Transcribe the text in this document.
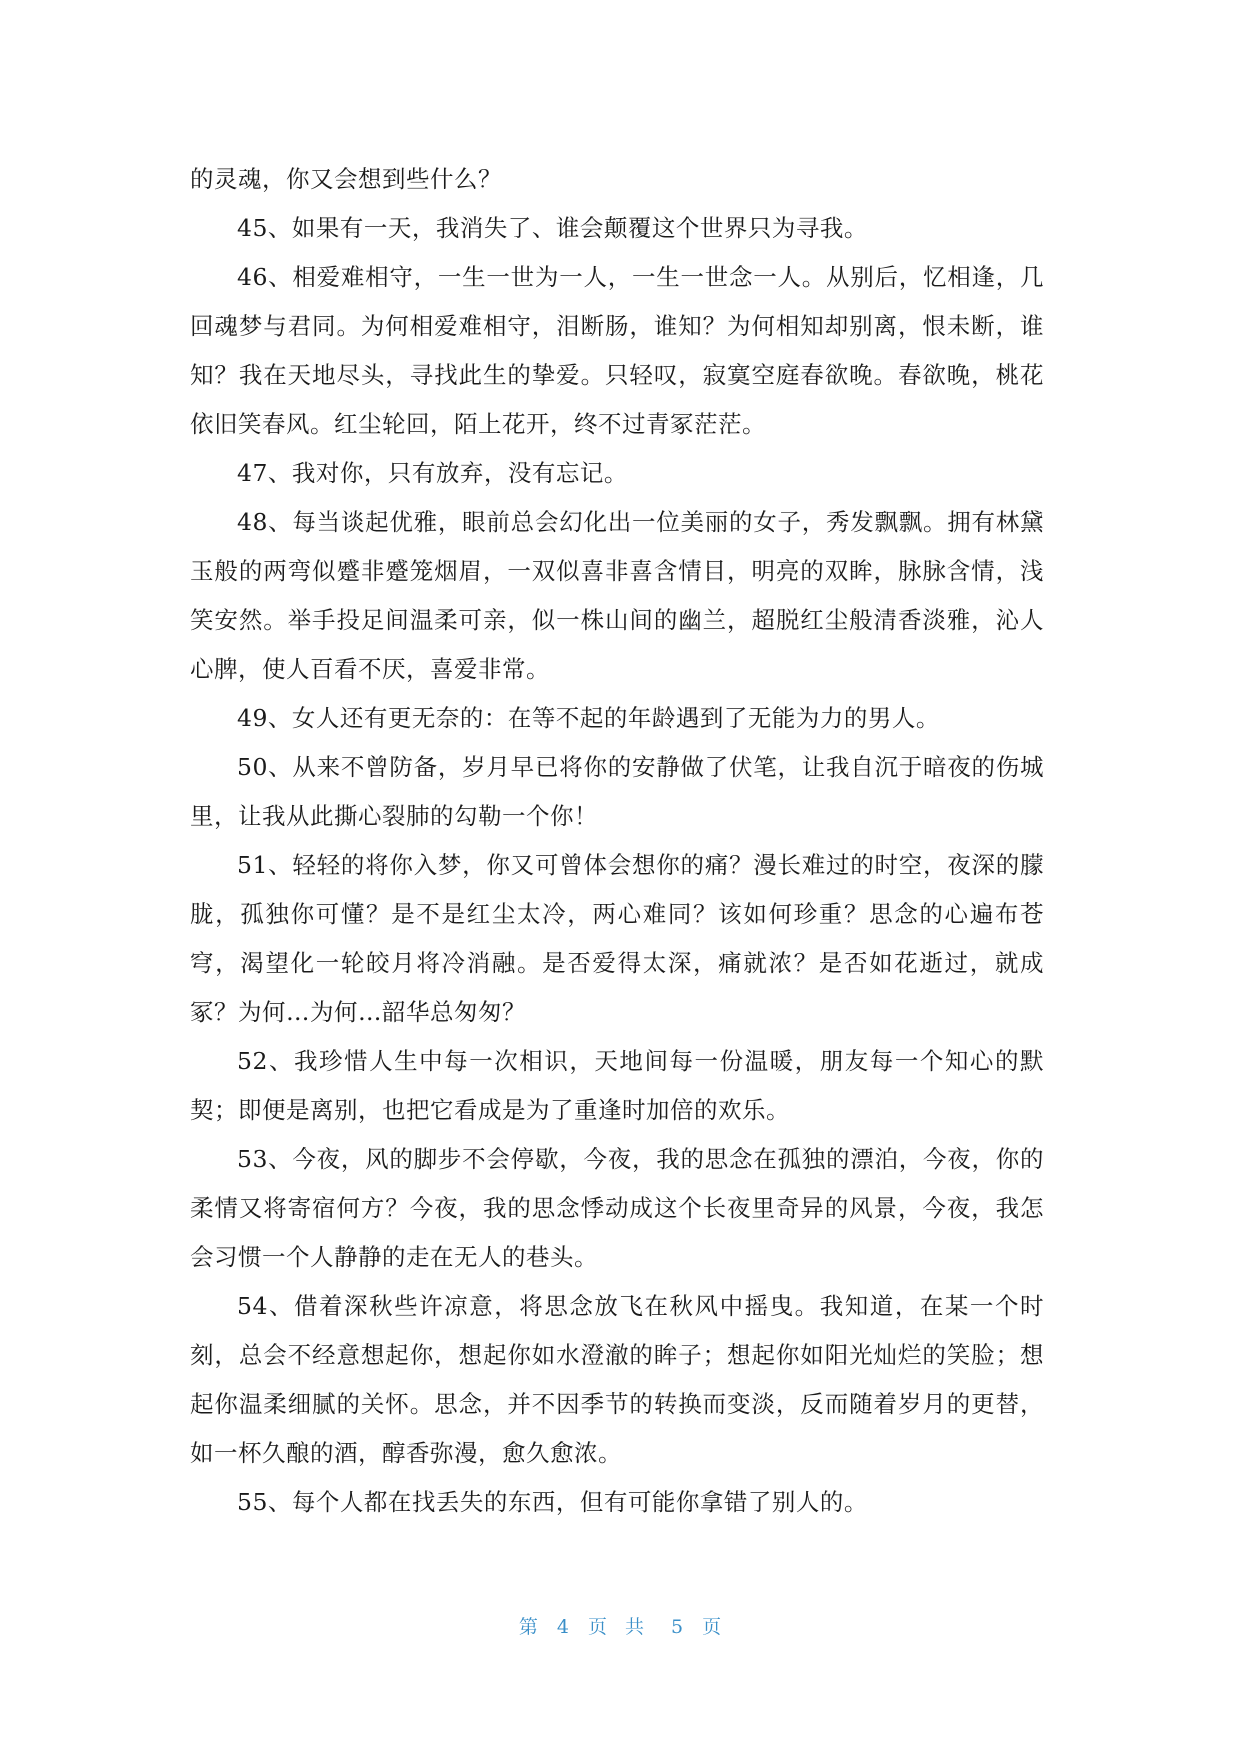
的灵魂，你又会想到些什么？

45、如果有一天，我消失了、谁会颠覆这个世界只为寻我。

46、相爱难相守，一生一世为一人，一生一世念一人。从别后，忆相逢，几回魂梦与君同。为何相爱难相守，泪断肠，谁知？为何相知却别离，恨未断，谁知？我在天地尽头，寻找此生的挚爱。只轻叹，寂寞空庭春欲晚。春欲晚，桃花依旧笑春风。红尘轮回，陌上花开，终不过青冢茫茫。

47、我对你，只有放弃，没有忘记。

48、每当谈起优雅，眼前总会幻化出一位美丽的女子，秀发飘飘。拥有林黛玉般的两弯似蹙非蹙笼烟眉，一双似喜非喜含情目，明亮的双眸，脉脉含情，浅笑安然。举手投足间温柔可亲，似一株山间的幽兰，超脱红尘般清香淡雅，沁人心脾，使人百看不厌，喜爱非常。

49、女人还有更无奈的：在等不起的年龄遇到了无能为力的男人。

50、从来不曾防备，岁月早已将你的安静做了伏笔，让我自沉于暗夜的伤城里，让我从此撕心裂肺的勾勒一个你！

51、轻轻的将你入梦，你又可曾体会想你的痛？漫长难过的时空，夜深的朦胧，孤独你可懂？是不是红尘太冷，两心难同？该如何珍重？思念的心遍布苍穹，渴望化一轮皎月将冷消融。是否爱得太深，痛就浓？是否如花逝过，就成冢？为何…为何…韶华总匆匆？

52、我珍惜人生中每一次相识，天地间每一份温暖，朋友每一个知心的默契；即便是离别，也把它看成是为了重逢时加倍的欢乐。

53、今夜，风的脚步不会停歇，今夜，我的思念在孤独的漂泊，今夜，你的柔情又将寄宿何方？今夜，我的思念悸动成这个长夜里奇异的风景，今夜，我怎会习惯一个人静静的走在无人的巷头。

54、借着深秋些许凉意，将思念放飞在秋风中摇曳。我知道，在某一个时刻，总会不经意想起你，想起你如水澄澈的眸子；想起你如阳光灿烂的笑脸；想起你温柔细腻的关怀。思念，并不因季节的转换而变淡，反而随着岁月的更替，如一杯久酿的酒，醇香弥漫，愈久愈浓。

55、每个人都在找丢失的东西，但有可能你拿错了别人的。

第 4 页共 5 页
